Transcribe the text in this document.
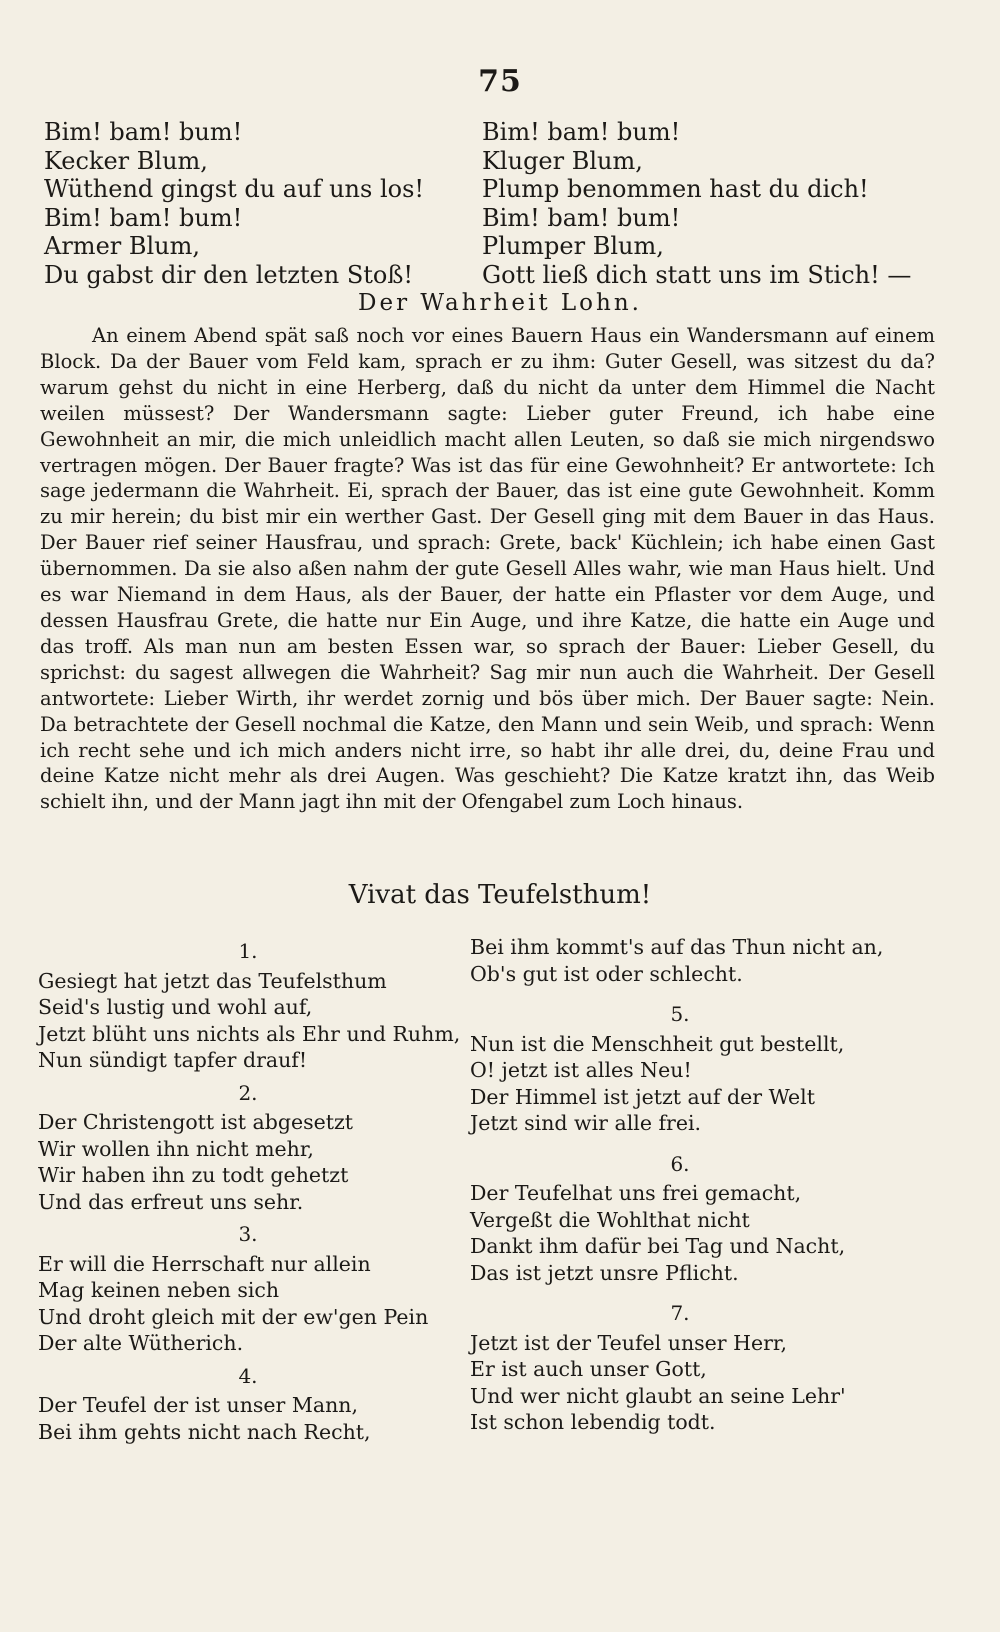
75
Bim! bam! bum!
Kecker Blum,
Wüthend gingst du auf uns los!
Bim! bam! bum!
Armer Blum,
Du gabst dir den letzten Stoß!
Bim! bam! bum!
Kluger Blum,
Plump benommen hast du dich!
Bim! bam! bum!
Plumper Blum,
Gott ließ dich statt uns im Stich! —
Der Wahrheit Lohn.

An einem Abend spät saß noch vor eines Bauern Haus ein Wandersmann auf einem Block. Da der Bauer vom Feld kam, sprach er zu ihm: Guter Gesell, was sitzest du da? warum gehst du nicht in eine Herberg, daß du nicht da unter dem Himmel die Nacht weilen müssest? Der Wandersmann sagte: Lieber guter Freund, ich habe eine Gewohnheit an mir, die mich unleidlich macht allen Leuten, so daß sie mich nirgendswo vertragen mögen. Der Bauer fragte? Was ist das für eine Gewohnheit? Er antwortete: Ich sage jedermann die Wahrheit. Ei, sprach der Bauer, das ist eine gute Gewohnheit. Komm zu mir herein; du bist mir ein werther Gast. Der Gesell ging mit dem Bauer in das Haus. Der Bauer rief seiner Hausfrau, und sprach: Grete, back' Küchlein; ich habe einen Gast übernommen. Da sie also aßen nahm der gute Gesell Alles wahr, wie man Haus hielt. Und es war Niemand in dem Haus, als der Bauer, der hatte ein Pflaster vor dem Auge, und dessen Hausfrau Grete, die hatte nur Ein Auge, und ihre Katze, die hatte ein Auge und das troff. Als man nun am besten Essen war, so sprach der Bauer: Lieber Gesell, du sprichst: du sagest allwegen die Wahrheit? Sag mir nun auch die Wahrheit. Der Gesell antwortete: Lieber Wirth, ihr werdet zornig und bös über mich. Der Bauer sagte: Nein. Da betrachtete der Gesell nochmal die Katze, den Mann und sein Weib, und sprach: Wenn ich recht sehe und ich mich anders nicht irre, so habt ihr alle drei, du, deine Frau und deine Katze nicht mehr als drei Augen. Was geschieht? Die Katze kratzt ihn, das Weib schielt ihn, und der Mann jagt ihn mit der Ofengabel zum Loch hinaus.

Vivat das Teufelsthum!
1.
Gesiegt hat jetzt das Teufelsthum
Seid's lustig und wohl auf,
Jetzt blüht uns nichts als Ehr und Ruhm,
Nun sündigt tapfer drauf!
2.
Der Christengott ist abgesetzt
Wir wollen ihn nicht mehr,
Wir haben ihn zu todt gehetzt
Und das erfreut uns sehr.
3.
Er will die Herrschaft nur allein
Mag keinen neben sich
Und droht gleich mit der ew'gen Pein
Der alte Wütherich.
4.
Der Teufel der ist unser Mann,
Bei ihm gehts nicht nach Recht,
Bei ihm kommt's auf das Thun nicht an,
Ob's gut ist oder schlecht.
5.
Nun ist die Menschheit gut bestellt,
O! jetzt ist alles Neu!
Der Himmel ist jetzt auf der Welt
Jetzt sind wir alle frei.
6.
Der Teufelhat uns frei gemacht,
Vergeßt die Wohlthat nicht
Dankt ihm dafür bei Tag und Nacht,
Das ist jetzt unsre Pflicht.
7.
Jetzt ist der Teufel unser Herr,
Er ist auch unser Gott,
Und wer nicht glaubt an seine Lehr'
Ist schon lebendig todt.
